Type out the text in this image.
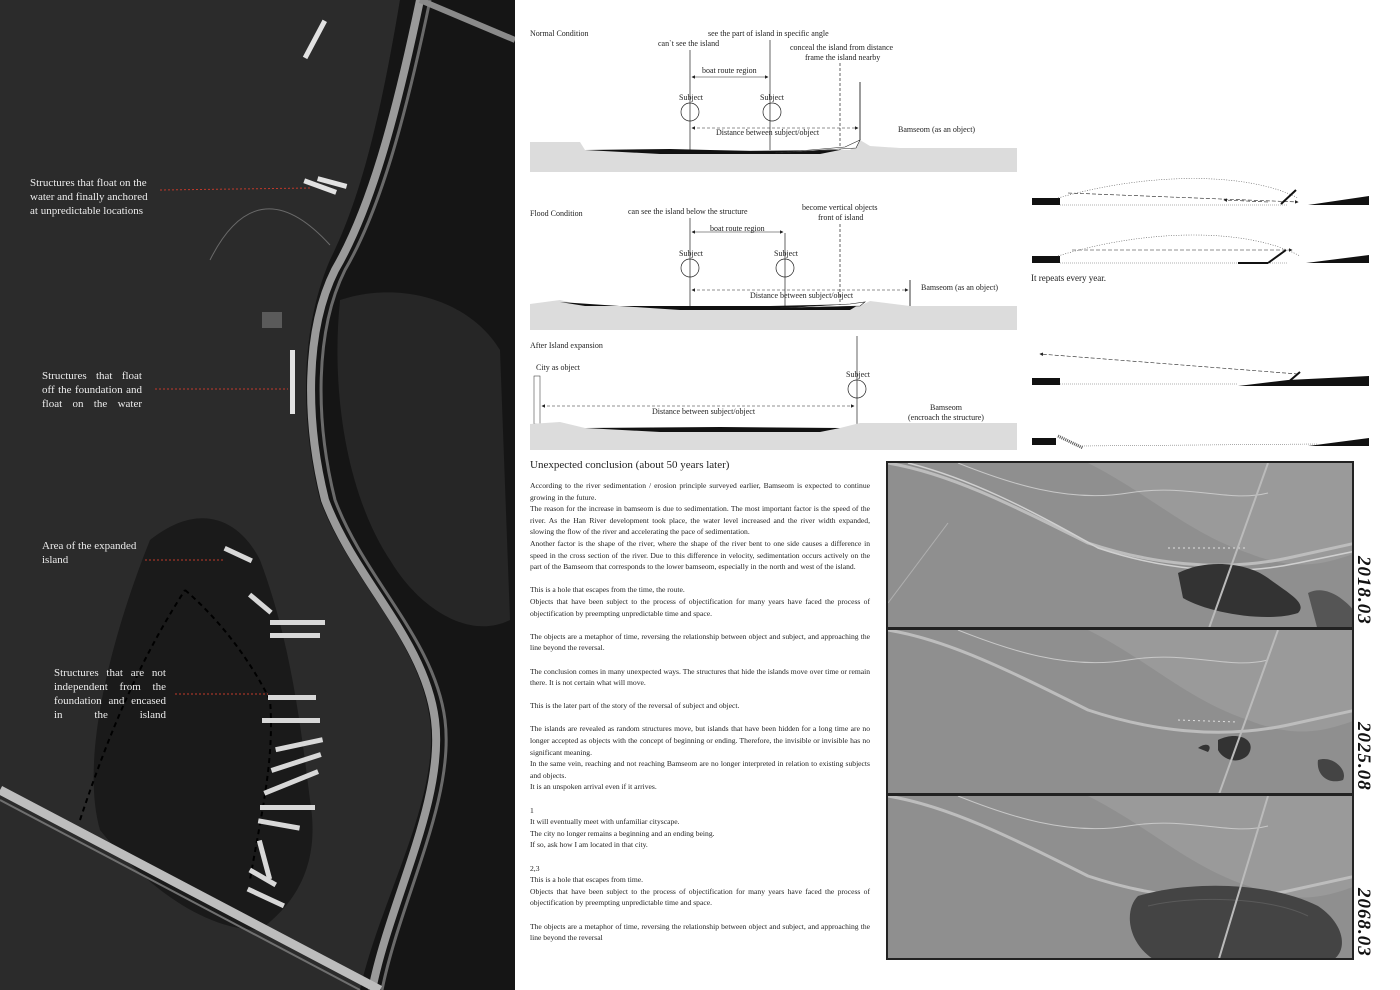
Structures that float on the water and finally anchored at unpredictable locations
Structures that float off the foundation and float on the water
Area of the expanded island
Structures that are not independent from the foundation and encased in the island
Normal Condition	see the part of island in specific angle
can`t see the island	conceal the island from distance
frame the island nearby
boat route region
Subject	Subject
Distance between subject/object	Bamseom (as an object)
Flood Condition	can see the island below the structure	become vertical objects
front of island
boat route region
Subject	Subject
Distance between subject/object
Bamseom (as an object)
After Island expansion
City as object
Subject
Distance between subject/object	Bamseom
(encroach the structure)
It repeats every year.
Unexpected conclusion (about 50 years later)

According to the river sedimentation / erosion principle surveyed earlier, Bamseom is expected to continue growing in the future.
The reason for the increase in bamseom is due to sedimentation. The most important factor is the speed of the river. As the Han River development took place, the water level increased and the river width expanded, slowing the flow of the river and accelerating the pace of sedimentation.
Another factor is the shape of the river, where the shape of the river bent to one side causes a difference in speed in the cross section of the river. Due to this difference in velocity, sedimentation occurs actively on the part of the Bamseom that corresponds to the lower bamseom, especially in the north and west of the island.

This is a hole that escapes from the time, the route.
Objects that have been subject to the process of objectification for many years have faced the process of objectification by preempting unpredictable time and space.

The objects are a metaphor of time, reversing the relationship between object and subject, and approaching the line beyond the reversal.

The conclusion comes in many unexpected ways. The structures that hide the islands move over time or remain there. It is not certain what will move.

This is the later part of the story of the reversal of subject and object.

The islands are revealed as random structures move, but islands that have been hidden for a long time are no longer accepted as objects with the concept of beginning or ending. Therefore, the invisible or invisible has no significant meaning.
In the same vein, reaching and not reaching Bamseom are no longer interpreted in relation to existing subjects and objects.
It is an unspoken arrival even if it arrives.

1
It will eventually meet with unfamiliar cityscape.
The city no longer remains a beginning and an ending being.
If so, ask how I am located in that city.

2,3
This is a hole that escapes from time.
Objects that have been subject to the process of objectification for many years have faced the process of objectification by preempting unpredictable time and space.

The objects are a metaphor of time, reversing the relationship between object and subject, and approaching the line beyond the reversal

2018.03
2025.08
2068.03
